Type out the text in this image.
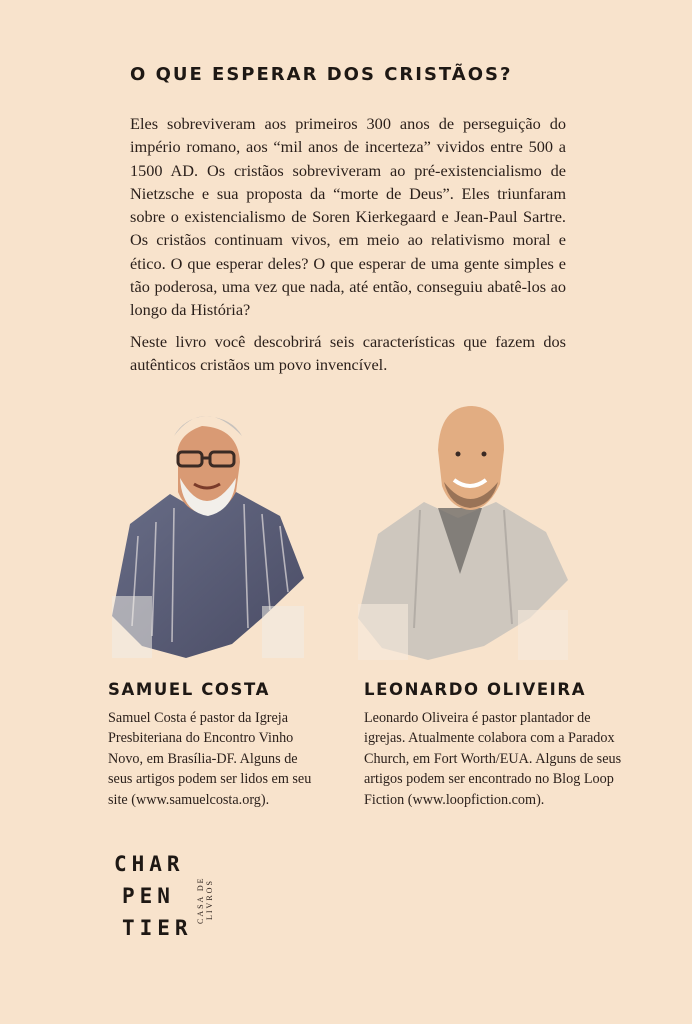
O QUE ESPERAR DOS CRISTÃOS?

Eles sobreviveram aos primeiros 300 anos de perseguição do império romano, aos “mil anos de incerteza” vividos entre 500 a 1500 AD. Os cristãos sobreviveram ao pré-existencialismo de Nietzsche e sua proposta da “morte de Deus”. Eles triunfaram sobre o existencialismo de Soren Kierkegaard e Jean-Paul Sartre. Os cristãos continuam vivos, em meio ao relativismo moral e ético. O que esperar deles? O que esperar de uma gente simples e tão poderosa, uma vez que nada, até então, conseguiu abatê-los ao longo da História?

Neste livro você descobrirá seis características que fazem dos autênticos cristãos um povo invencível.

SAMUEL COSTA

Samuel Costa é pastor da Igreja Presbiteriana do Encontro Vinho Novo, em Brasília-DF. Alguns de seus artigos podem ser lidos em seu site (www.samuelcosta.org).

LEONARDO OLIVEIRA

Leonardo Oliveira é pastor plantador de igrejas. Atualmente colabora com a Paradox Church, em Fort Worth/EUA. Alguns de seus artigos podem ser encontrado no Blog Loop Fiction (www.loopfiction.com).

CHAR
PEN
TIER
CASA DE LIVROS
